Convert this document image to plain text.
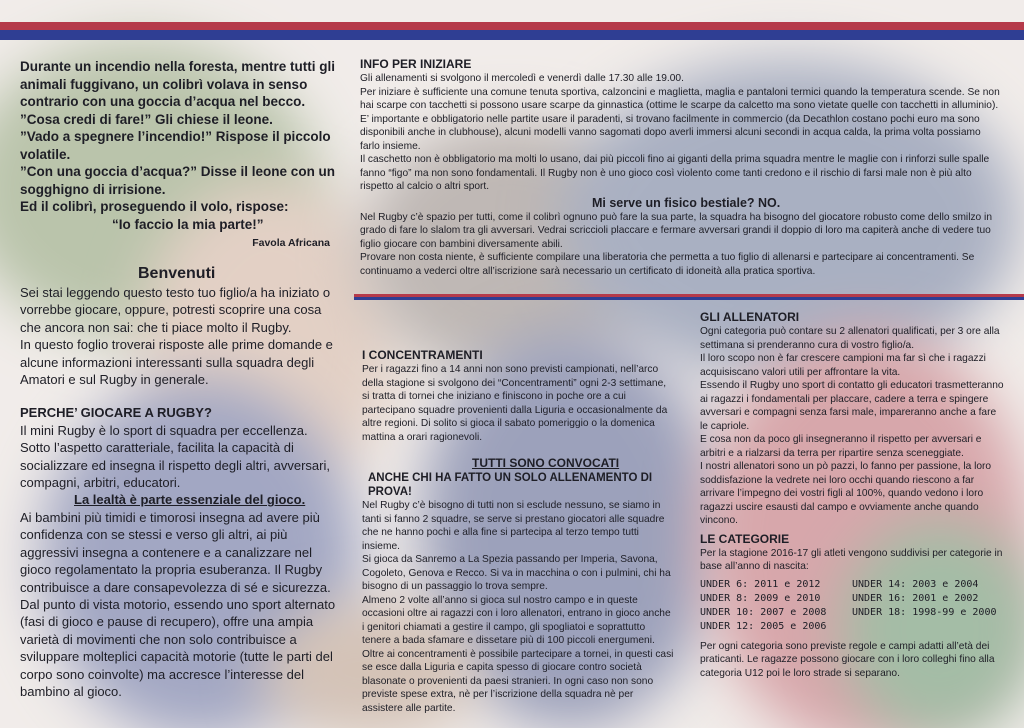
Durante un incendio nella foresta, mentre tutti gli animali fuggivano, un colibrì volava in senso contrario con una goccia d’acqua nel becco.

”Cosa credi di fare!” Gli chiese il leone.

”Vado a spegnere l’incendio!” Rispose il piccolo volatile.

”Con una goccia d’acqua?” Disse il leone con un sogghigno di irrisione.

Ed il colibrì, proseguendo il volo, rispose:

“Io faccio la mia parte!”

Favola Africana

Benvenuti

Sei stai leggendo questo testo tuo figlio/a ha iniziato o vorrebbe giocare, oppure, potresti scoprire una cosa che ancora non sai: che ti piace molto il Rugby.

In questo foglio troverai risposte alle prime domande e alcune informazioni interessanti sulla squadra degli Amatori e sul Rugby in generale.

PERCHE’ GIOCARE A RUGBY?

Il mini Rugby è lo sport di squadra per eccellenza.

Sotto l’aspetto caratteriale, facilita la capacità di socializzare ed insegna il rispetto degli altri, avversari, compagni, arbitri, educatori.

La lealtà è parte essenziale del gioco.

Ai bambini più timidi e timorosi insegna ad avere più confidenza con se stessi e verso gli altri, ai più aggressivi insegna a contenere e a canalizzare nel gioco regolamentato la propria esuberanza. Il Rugby contribuisce a dare consapevolezza di sé e sicurezza.

Dal punto di vista motorio, essendo uno sport alternato (fasi di gioco e pause di recupero), offre una ampia varietà di movimenti che non solo contribuisce a sviluppare molteplici capacità motorie (tutte le parti del corpo sono coinvolte) ma accresce l’interesse del bambino al gioco.

INFO PER INIZIARE

Gli allenamenti si svolgono il mercoledì e venerdì dalle 17.30 alle 19.00.

Per iniziare è sufficiente una comune tenuta sportiva, calzoncini e maglietta, maglia e pantaloni termici quando la temperatura scende. Se non hai scarpe con tacchetti si possono usare scarpe da ginnastica (ottime le scarpe da calcetto ma sono vietate quelle con tacchetti in alluminio).

E’ importante e obbligatorio nelle partite usare il paradenti, si trovano facilmente in commercio (da Decathlon costano pochi euro ma sono disponibili anche in clubhouse), alcuni modelli vanno sagomati dopo averli immersi alcuni secondi in acqua calda, la prima volta possiamo farlo insieme.

Il caschetto non è obbligatorio ma molti lo usano, dai più piccoli fino ai giganti della prima squadra mentre le maglie con i rinforzi sulle spalle fanno “figo” ma non sono fondamentali. Il Rugby non è uno gioco così violento come tanti credono e il rischio di farsi male non è più alto rispetto al calcio o altri sport.

Mi serve un fisico bestiale? NO.

Nel Rugby c’è spazio per tutti, come il colibrì ognuno può fare la sua parte, la squadra ha bisogno del giocatore robusto come dello smilzo in grado di fare lo slalom tra gli avversari. Vedrai scriccioli placcare e fermare avversari grandi il doppio di loro ma capiterà anche di vedere tuo figlio giocare con bambini diversamente abili.

Provare non costa niente, è sufficiente compilare una liberatoria che permetta a tuo figlio di allenarsi e partecipare ai concentramenti. Se continuamo a vederci oltre all’iscrizione sarà necessario un certificato di idoneità alla pratica sportiva.

I CONCENTRAMENTI

Per i ragazzi fino a 14 anni non sono previsti campionati, nell’arco della stagione si svolgono dei “Concentramenti” ogni 2-3 settimane, si tratta di tornei che iniziano e finiscono in poche ore a cui partecipano squadre provenienti dalla Liguria e occasionalmente da altre regioni. Di solito si gioca il sabato pomeriggio o la domenica mattina a orari ragionevoli.

TUTTI SONO CONVOCATI

ANCHE CHI HA FATTO UN SOLO ALLENAMENTO DI PROVA!

Nel Rugby c’è bisogno di tutti non si esclude nessuno, se siamo in tanti si fanno 2 squadre, se serve si prestano giocatori alle squadre che ne hanno pochi e alla fine si partecipa al terzo tempo tutti insieme.

Si gioca da Sanremo a La Spezia passando per Imperia, Savona, Cogoleto, Genova e Recco. Si va in macchina o con i pulmini, chi ha bisogno di un passaggio lo trova sempre.

Almeno 2 volte all’anno si gioca sul nostro campo e in queste occasioni oltre ai ragazzi con i loro allenatori, entrano in gioco anche i genitori chiamati a gestire il campo, gli spogliatoi e soprattutto tenere a bada sfamare e dissetare più di 100 piccoli energumeni.

Oltre ai concentramenti è possibile partecipare a tornei, in questi casi se esce dalla Liguria e capita spesso di giocare contro società blasonate o provenienti da paesi stranieri. In ogni caso non sono previste spese extra, nè per l’iscrizione della squadra nè per assistere alle partite.

GLI ALLENATORI

Ogni categoria può contare su 2 allenatori qualificati, per 3 ore alla settimana si prenderanno cura di vostro figlio/a.

Il loro scopo non è far crescere campioni ma far sì che i ragazzi acquisiscano valori utili per affrontare la vita.

Essendo il Rugby uno sport di contatto gli educatori trasmetteranno ai ragazzi i fondamentali per placcare, cadere a terra e spingere avversari e compagni senza farsi male, impareranno anche a fare le capriole.

E cosa non da poco gli insegneranno il rispetto per avversari e arbitri e a rialzarsi da terra per ripartire senza sceneggiate.

I nostri allenatori sono un pò pazzi, lo fanno per passione, la loro soddisfazione la vedrete nei loro occhi quando riescono a far arrivare l’impegno dei vostri figli al 100%, quando vedono i loro ragazzi uscire esausti dal campo e ovviamente anche quando vincono.

LE CATEGORIE

Per la stagione 2016-17 gli atleti vengono suddivisi per categorie in base all’anno di nascita:

UNDER 6: 2011 e 2012	UNDER 14: 2003 e 2004
UNDER 8: 2009 e 2010	UNDER 16: 2001 e 2002
UNDER 10: 2007 e 2008	UNDER 18: 1998-99 e 2000
UNDER 12: 2005 e 2006

Per ogni categoria sono previste regole e campi adatti all’età dei praticanti. Le ragazze possono giocare con i loro colleghi fino alla categoria U12 poi le loro strade si separano.
